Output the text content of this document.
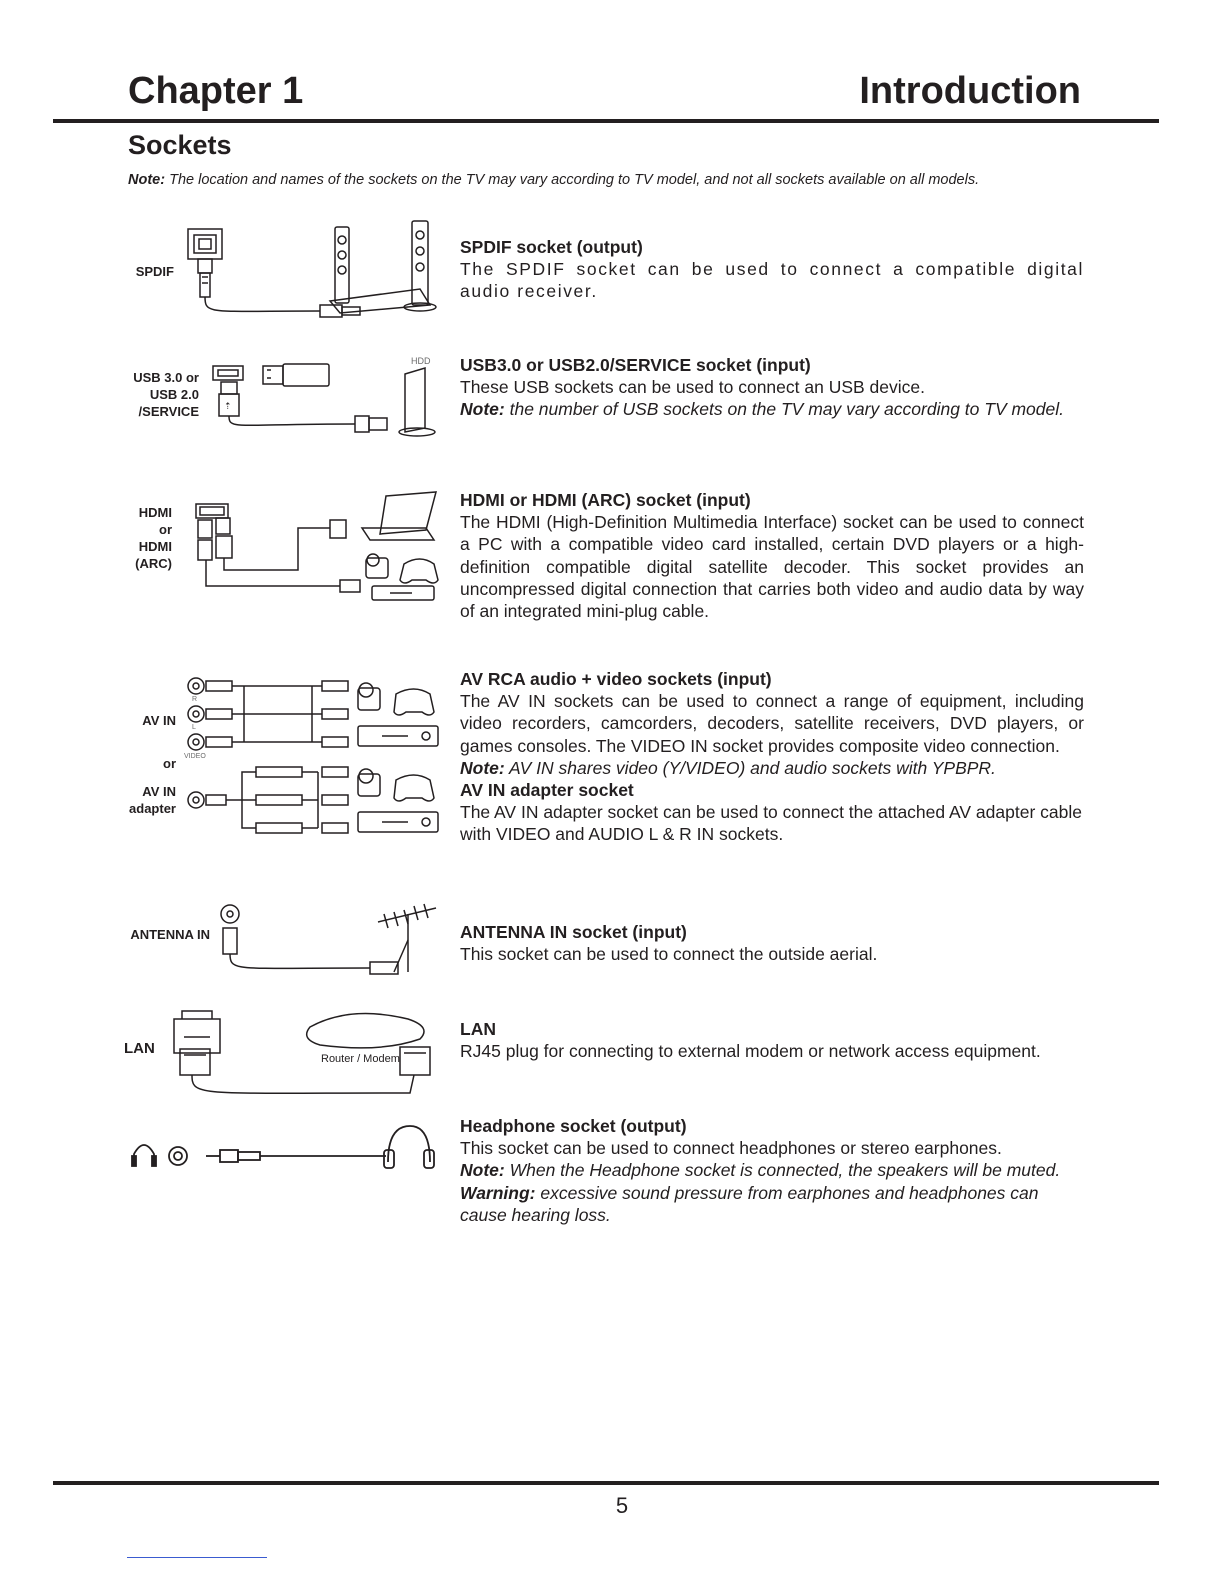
Chapter 1	Introduction
Sockets
Note: The location and names of the sockets on the TV may vary according to TV model, and not all sockets available on all models.
SPDIF
SPDIF socket (output)
The SPDIF socket can be used to connect a compatible digital audio receiver.
USB 3.0 or
USB 2.0
/SERVICE	⇡
HDD USB3.0 or USB2.0/SERVICE socket (input)
These USB sockets can be used to connect an USB device.
Note: the number of USB sockets on the TV may vary according to TV model.
HDMI
or
HDMI
(ARC)
HDMI or HDMI (ARC) socket (input)
The HDMI (High-Definition Multimedia Interface) socket can be used to connect a PC with a compatible video card installed, certain DVD players or a high-definition compatible digital satellite decoder. This socket provides an uncompressed digital connection that carries both video and audio data by way of an integrated mini-plug cable.
AV IN
or
AV IN
adapter
R
L
VIDEO
AV RCA audio + video sockets (input)
The AV IN sockets can be used to connect a range of equipment, including video recorders, camcorders, decoders, satellite receivers, DVD players, or games consoles. The VIDEO IN socket provides composite video connection.
Note: AV IN shares video (Y/VIDEO) and audio sockets with YPBPR.
AV IN adapter socket
The AV IN adapter socket can be used to connect the attached AV adapter cable with VIDEO and AUDIO L & R IN sockets.
ANTENNA IN	ANTENNA IN socket (input)
This socket can be used to connect the outside aerial.
LAN
Router / Modem
LAN
RJ45 plug for connecting to external modem or network access equipment.
Headphone socket (output)
This socket can be used to connect headphones or stereo earphones.
Note: When the Headphone socket is connected, the speakers will be muted.
Warning: excessive sound pressure from earphones and headphones can cause hearing loss.
5
